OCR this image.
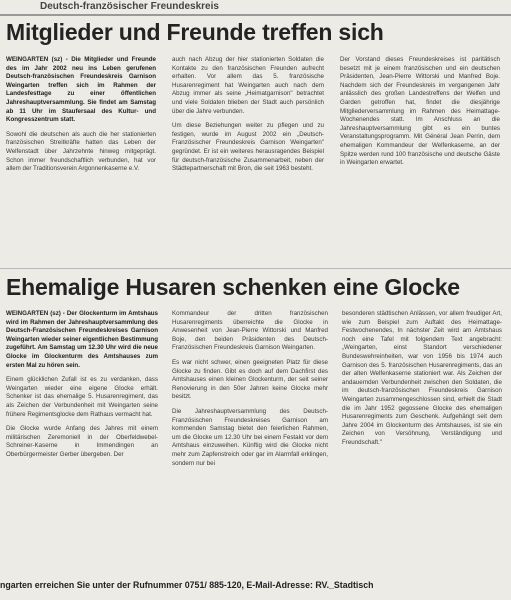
Deutsch-französischer Freundeskreis
Mitglieder und Freunde treffen sich

WEINGARTEN (sz) - Die Mitglieder und Freunde des im Jahr 2002 neu ins Leben gerufenen Deutsch-französischen Freundeskreis Garnison Weingarten treffen sich im Rahmen der Landesfesttage zu einer öffentlichen Jahreshauptversammlung. Sie findet am Samstag ab 11 Uhr im Staufersaal des Kultur- und Kongresszentrum statt.

Sowohl die deutschen als auch die her stationierten französischen Streitkräfte hatten das Leben der Welfenstadt über Jahrzehnte hinweg mitgeprägt. Schon immer freundschaftlich verbunden, hat vor allem der Traditionsverein Argonnenkaserne e.V.

auch nach Abzug der hier stationierten Soldaten die Kontakte zu den französischen Freunden aufrecht erhalten. Vor allem das 5. französische Husarenregiment hat Weingarten auch nach dem Abzug immer als seine „Heimatgarnison" betrachtet und viele Soldaten blieben der Stadt auch persönlich über die Jahre verbunden.

Um diese Beziehungen weiter zu pflegen und zu festigen, wurde im August 2002 ein „Deutsch-Französischer Freundeskreis Garnison Weingarten" gegründet. Er ist ein weiteres herausragendes Beispiel für deutsch-französische Zusammenarbeit, neben der Städtepartnerschaft mit Bron, die seit 1963 besteht.

Der Vorstand dieses Freundeskreises ist paritätisch besetzt mit je einem französischen und ein deutschen Präsidenten, Jean-Pierre Wittorski und Manfred Boje. Nachdem sich der Freundeskreis im vergangenen Jahr anlässlich des großen Landestreffens der Welfen und Garden getroffen hat, findet die diesjährige Mitgliederversammlung im Rahmen des Heimattage-Wochenendes statt. Im Anschluss an die Jahreshauptversammlung gibt es ein buntes Veranstaltungsprogramm. Mit Général Jean Perrin, dem ehemaligen Kommandeur der Welfenkaserne, an der Spitze werden rund 100 französische und deutsche Gäste in Weingarten erwartet.

Ehemalige Husaren schenken eine Glocke

WEINGARTEN (sz) - Der Glockenturm im Amtshaus wird im Rahmen der Jahreshauptversammlung des Deutsch-Französischen Freundeskreises Garnison Weingarten wieder seiner eigentlichen Bestimmung zugeführt. Am Samstag um 12.30 Uhr wird die neue Glocke im Glockenturm des Amtshauses zum ersten Mal zu hören sein.

Einem glücklichen Zufall ist es zu verdanken, dass Weingarten wieder eine eigene Glocke erhält. Schenker ist das ehemalige 5. Husarenregiment, das als Zeichen der Verbundenheit mit Weingarten seine frühere Regimentsglocke dem Rathaus vermacht hat.

Die Glocke wurde Anfang des Jahres mit einem militärischen Zeremoniell in der Oberfeldwebel-Schreiner-Kaserne in Immendingen an Oberbürgermeister Gerber übergeben. Der

Kommandeur der dritten französischen Husarenregiments überreichte die Glocke in Anwesenheit von Jean-Pierre Wittorski und Manfred Boje, den beiden Präsidenten des Deutsch-Französischen Freundeskreis Garnison Weingarten.

Es war nicht schwer, einen geeigneten Platz für diese Glocke zu finden. Gibt es doch auf dem Dachfirst des Amtshauses einen kleinen Glockenturm, der seit seiner Renovierung in den 50er Jahren keine Glocke mehr besitzt.

Die Jahreshauptversammlung des Deutsch-Französischen Freundeskreises Garnison am kommenden Samstag bietet den feierlichen Rahmen, um die Glocke um 12.30 Uhr bei einem Festakt vor dem Amtshaus einzuweihen. Künftig wird die Glocke nicht mehr zum Zapfenstreich oder gar im Alarmfall erklingen, sondern nur bei

besonderen städtischen Anlässen, vor allem freudiger Art, wie zum Beispiel zum Auftakt des Heimattage-Festwochenendes, In nächster Zeit wird am Amtshaus noch eine Tafel mit folgendem Text angebracht: „Weingarten, einst Standort verschiedener Bundeswehreinheiten, war von 1956 bis 1974 auch Garnison des 5. französischen Husarenregiments, das an der alten Welfenkaserne stationiert war. Als Zeichen der andauernden Verbundenheit zwischen den Soldaten, die im deutsch-französischen Freundeskreis Garnison Weingarten zusammengeschlossen sind, erhielt die Stadt die im Jahr 1952 gegossene Glocke des ehemaligen Husarenregiments zum Geschenk. Aufgehängt seit dem Jahre 2004 im Glockenturm des Amtshauses, ist sie ein Zeichen von Versöhnung, Verständigung und Freundschaft."

ngarten erreichen Sie unter der Rufnummer 0751/ 885-120, E-Mail-Adresse: RV._Stadtisch
